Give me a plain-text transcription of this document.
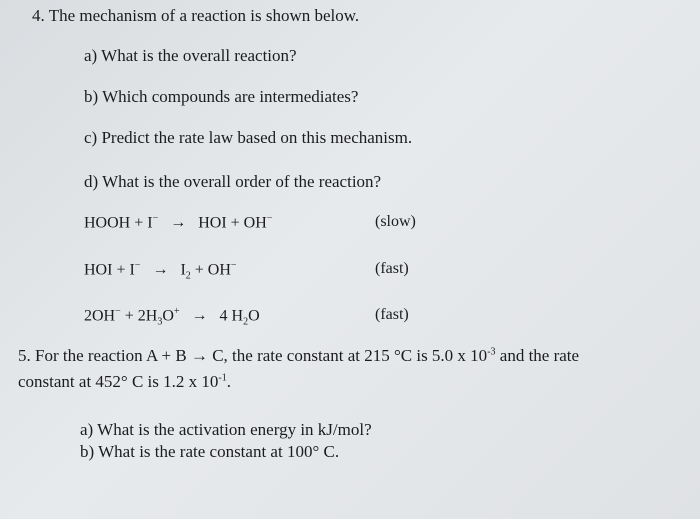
4. The mechanism of a reaction is shown below.
a) What is the overall reaction?
b) Which compounds are intermediates?
c) Predict the rate law based on this mechanism.
d) What is the overall order of the reaction?
HOOH + I− → HOI + OH−	(slow)
HOI + $I^- \to I_2 + OH^-$	(fast)
$2OH^- + 2H_3O^+ \to 4$ $H_2O$	(fast)
5. For the reaction A + B → C, the rate constant at 215 °C is 5.0 x $10^{-3}$ and the rate
constant at 452° C is 1.2 x $10^{-1}$.
a) What is the activation energy in kJ/mol?
b) What is the rate constant at 100° C.
